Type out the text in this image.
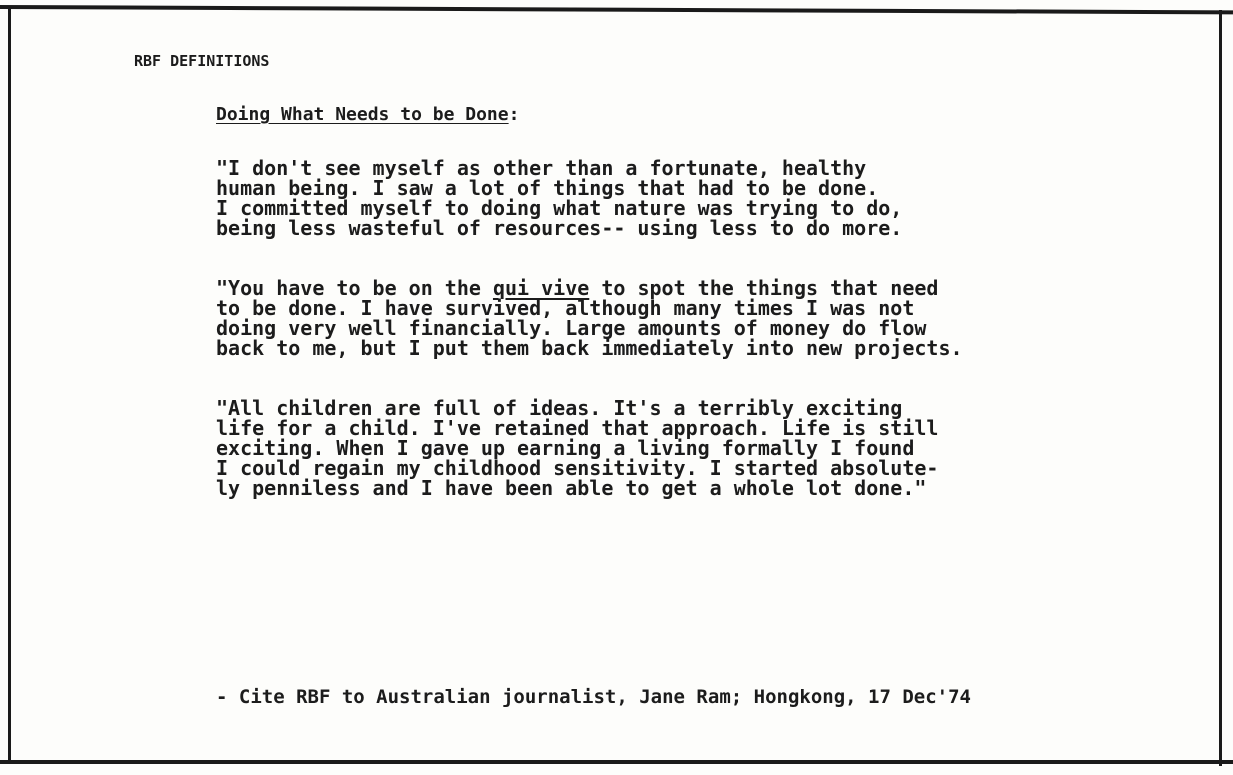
RBF DEFINITIONS
Doing What Needs to be Done:
"I don't see myself as other than a fortunate, healthy
human being. I saw a lot of things that had to be done.
I committed myself to doing what nature was trying to do,
being less wasteful of resources-- using less to do more.
"You have to be on the qui vive to spot the things that need
to be done. I have survived, although many times I was not
doing very well financially. Large amounts of money do flow
back to me, but I put them back immediately into new projects.
"All children are full of ideas. It's a terribly exciting
life for a child. I've retained that approach. Life is still
exciting. When I gave up earning a living formally I found
I could regain my childhood sensitivity. I started absolute-
ly penniless and I have been able to get a whole lot done."
- Cite RBF to Australian journalist, Jane Ram; Hongkong, 17 Dec'74
